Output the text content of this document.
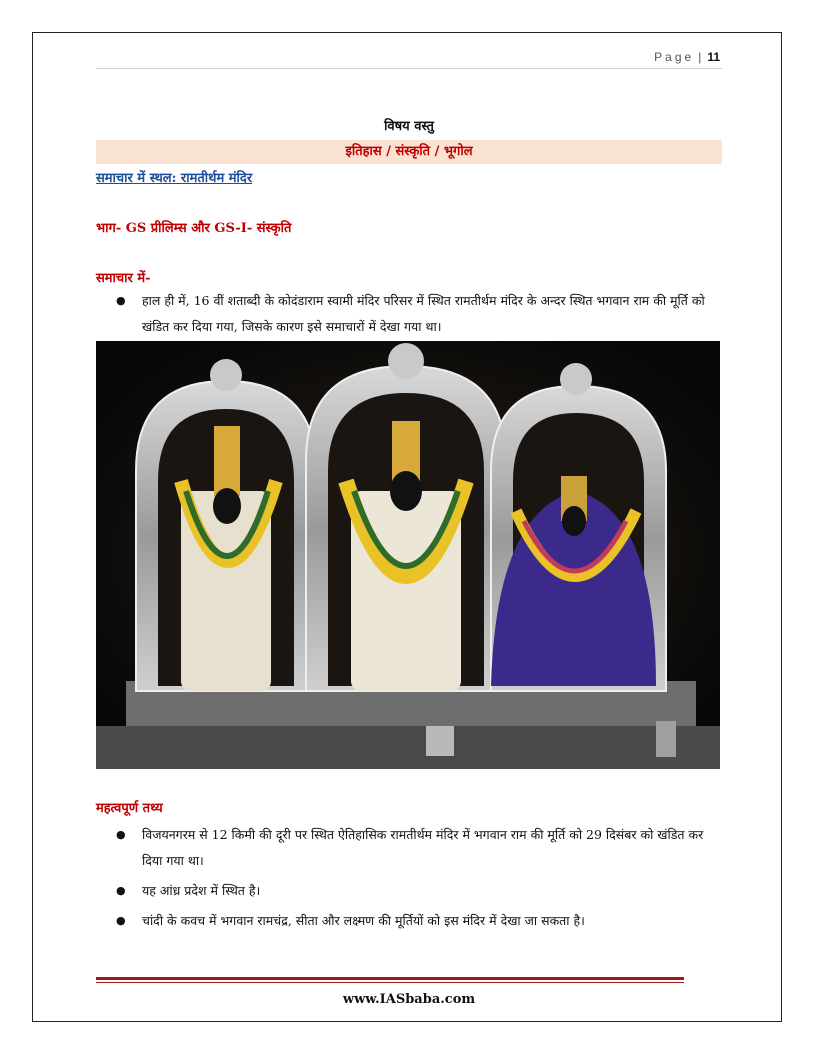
Page | 11
विषय वस्तु
इतिहास / संस्कृति / भूगोल
समाचार में स्थल: रामतीर्थम मंदिर
भाग- GS प्रीलिम्स और GS-I- संस्कृति
समाचार में-
● हाल ही में, 16 वीं शताब्दी के कोदंडाराम स्वामी मंदिर परिसर में स्थित रामतीर्थम मंदिर के अन्दर स्थित भगवान राम की मूर्ति को खंडित कर दिया गया, जिसके कारण इसे समाचारों में देखा गया था।
महत्वपूर्ण तथ्य
● विजयनगरम से 12 किमी की दूरी पर स्थित ऐतिहासिक रामतीर्थम मंदिर में भगवान राम की मूर्ति को 29 दिसंबर को खंडित कर दिया गया था।
● यह आंध्र प्रदेश में स्थित है।
● चांदी के कवच में भगवान रामचंद्र, सीता और लक्ष्मण की मूर्तियों को इस मंदिर में देखा जा सकता है।
www.IASbaba.com
